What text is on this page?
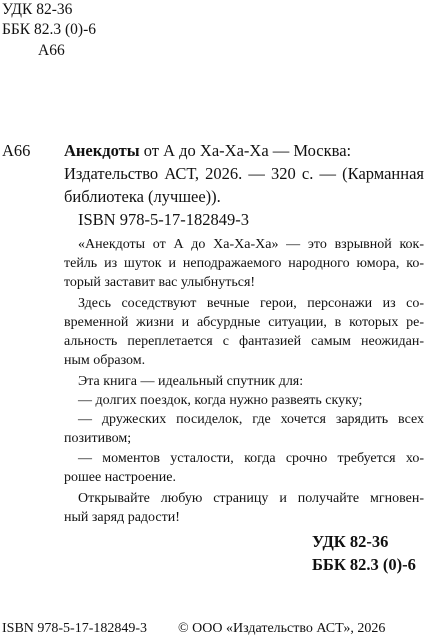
УДК 82-36
ББК 82.3 (0)-6
А66
А66 Анекдоты от А до Ха-Ха-Ха — Москва:
Издательство АСТ, 2026. — 320 с. — (Карманная
библиотека (лучшее)).
ISBN 978-5-17-182849-3
«Анекдоты от А до Ха-Ха-Ха» — это взрывной кок-
тейль из шуток и неподражаемого народного юмора, ко-
торый заставит вас улыбнуться!
Здесь соседствуют вечные герои, персонажи из со-
временной жизни и абсурдные ситуации, в которых ре-
альность переплетается с фантазией самым неожидан-
ным образом.
Эта книга — идеальный спутник для:
— долгих поездок, когда нужно развеять скуку;
— дружеских посиделок, где хочется зарядить всех
позитивом;
— моментов усталости, когда срочно требуется хо-
рошее настроение.
Открывайте любую страницу и получайте мгновен-
ный заряд радости!
УДК 82-36
ББК 82.3 (0)-6
ISBN 978-5-17-182849-3 © ООО «Издательство АСТ», 2026
